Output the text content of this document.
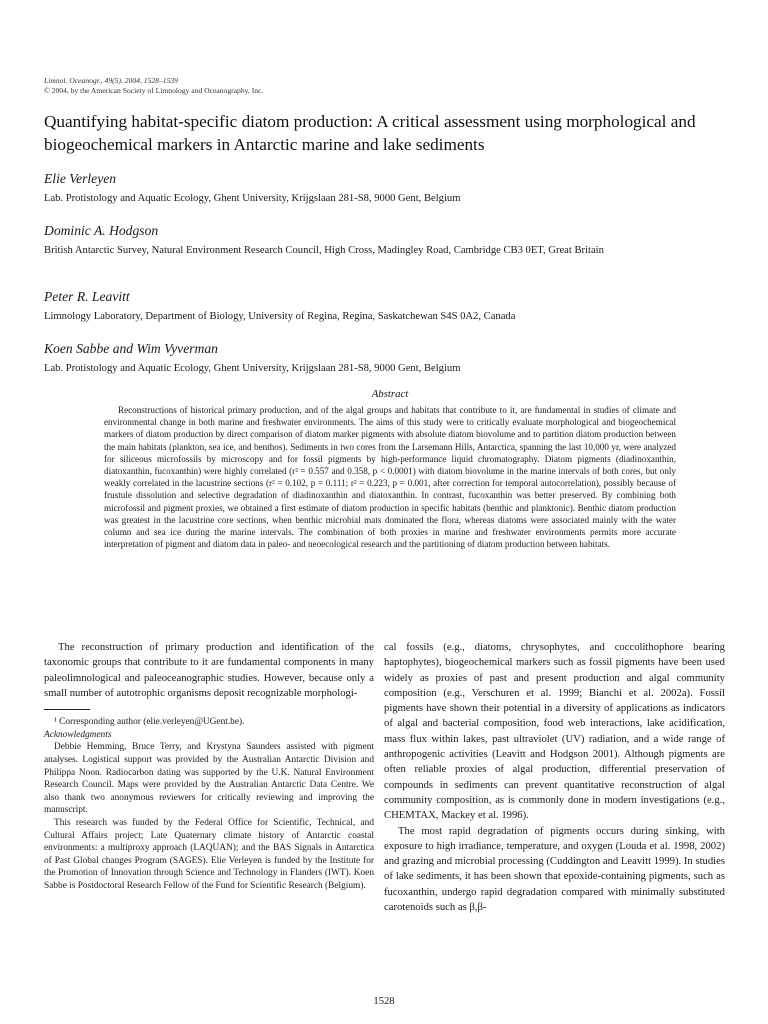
Limnol. Oceanogr., 49(5), 2004, 1528–1539
© 2004, by the American Society of Limnology and Oceanography, Inc.
Quantifying habitat-specific diatom production: A critical assessment using morphological and biogeochemical markers in Antarctic marine and lake sediments
Elie Verleyen
Lab. Protistology and Aquatic Ecology, Ghent University, Krijgslaan 281-S8, 9000 Gent, Belgium
Dominic A. Hodgson
British Antarctic Survey, Natural Environment Research Council, High Cross, Madingley Road, Cambridge CB3 0ET, Great Britain
Peter R. Leavitt
Limnology Laboratory, Department of Biology, University of Regina, Regina, Saskatchewan S4S 0A2, Canada
Koen Sabbe and Wim Vyverman
Lab. Protistology and Aquatic Ecology, Ghent University, Krijgslaan 281-S8, 9000 Gent, Belgium
Abstract

Reconstructions of historical primary production, and of the algal groups and habitats that contribute to it, are fundamental in studies of climate and environmental change in both marine and freshwater environments. The aims of this study were to critically evaluate morphological and biogeochemical markers of diatom production by direct comparison of diatom marker pigments with absolute diatom biovolume and to partition diatom production between the main habitats (plankton, sea ice, and benthos). Sediments in two cores from the Larsemann Hills, Antarctica, spanning the last 10,000 yr, were analyzed for siliceous microfossils by microscopy and for fossil pigments by high-performance liquid chromatography. Diatom pigments (diadinoxanthin, diatoxanthin, fucoxanthin) were highly correlated (r² = 0.557 and 0.358, p < 0.0001) with diatom biovolume in the marine intervals of both cores, but only weakly correlated in the lacustrine sections (r² = 0.102, p = 0.111; r² = 0.223, p = 0.001, after correction for temporal autocorrelation), possibly because of frustule dissolution and selective degradation of diadinoxanthin and diatoxanthin. In contrast, fucoxanthin was better preserved. By combining both microfossil and pigment proxies, we obtained a first estimate of diatom production in specific habitats (benthic and planktonic). Benthic diatom production was greatest in the lacustrine core sections, when benthic microbial mats dominated the flora, whereas diatoms were associated mainly with the water column and sea ice during the marine intervals. The combination of both proxies in marine and freshwater environments permits more accurate interpretation of pigment and diatom data in paleo- and neoecological research and the partitioning of diatom production between habitats.

The reconstruction of primary production and identification of the taxonomic groups that contribute to it are fundamental components in many paleolimnological and paleoceanographic studies. However, because only a small number of autotrophic organisms deposit recognizable morphologi-

¹ Corresponding author (elie.verleyen@UGent.be).

Acknowledgments

Debbie Hemming, Bruce Terry, and Krystyna Saunders assisted with pigment analyses. Logistical support was provided by the Australian Antarctic Division and Philippa Noon. Radiocarbon dating was supported by the U.K. Natural Environment Research Council. Maps were provided by the Australian Antarctic Data Centre. We also thank two anonymous reviewers for critically reviewing and improving the manuscript.

This research was funded by the Federal Office for Scientific, Technical, and Cultural Affairs project; Late Quaternary climate history of Antarctic coastal environments: a multiproxy approach (LAQUAN); and the BAS Signals in Antarctica of Past Global changes Program (SAGES). Elie Verleyen is funded by the Institute for the Promotion of Innovation through Science and Technology in Flanders (IWT). Koen Sabbe is Postdoctoral Research Fellow of the Fund for Scientific Research (Belgium).

cal fossils (e.g., diatoms, chrysophytes, and coccolithophore bearing haptophytes), biogeochemical markers such as fossil pigments have been used widely as proxies of past and present production and algal community composition (e.g., Verschuren et al. 1999; Bianchi et al. 2002a). Fossil pigments have shown their potential in a diversity of applications as indicators of algal and bacterial composition, food web interactions, lake acidification, mass flux within lakes, past ultraviolet (UV) radiation, and a wide range of anthropogenic activities (Leavitt and Hodgson 2001). Although pigments are often reliable proxies of algal production, differential preservation of compounds in sediments can prevent quantitative reconstruction of algal community composition, as is commonly done in modern investigations (e.g., CHEMTAX, Mackey et al. 1996).

The most rapid degradation of pigments occurs during sinking, with exposure to high irradiance, temperature, and oxygen (Louda et al. 1998, 2002) and grazing and microbial processing (Cuddington and Leavitt 1999). In studies of lake sediments, it has been shown that epoxide-containing pigments, such as fucoxanthin, undergo rapid degradation compared with minimally substituted carotenoids such as β,β-

1528
